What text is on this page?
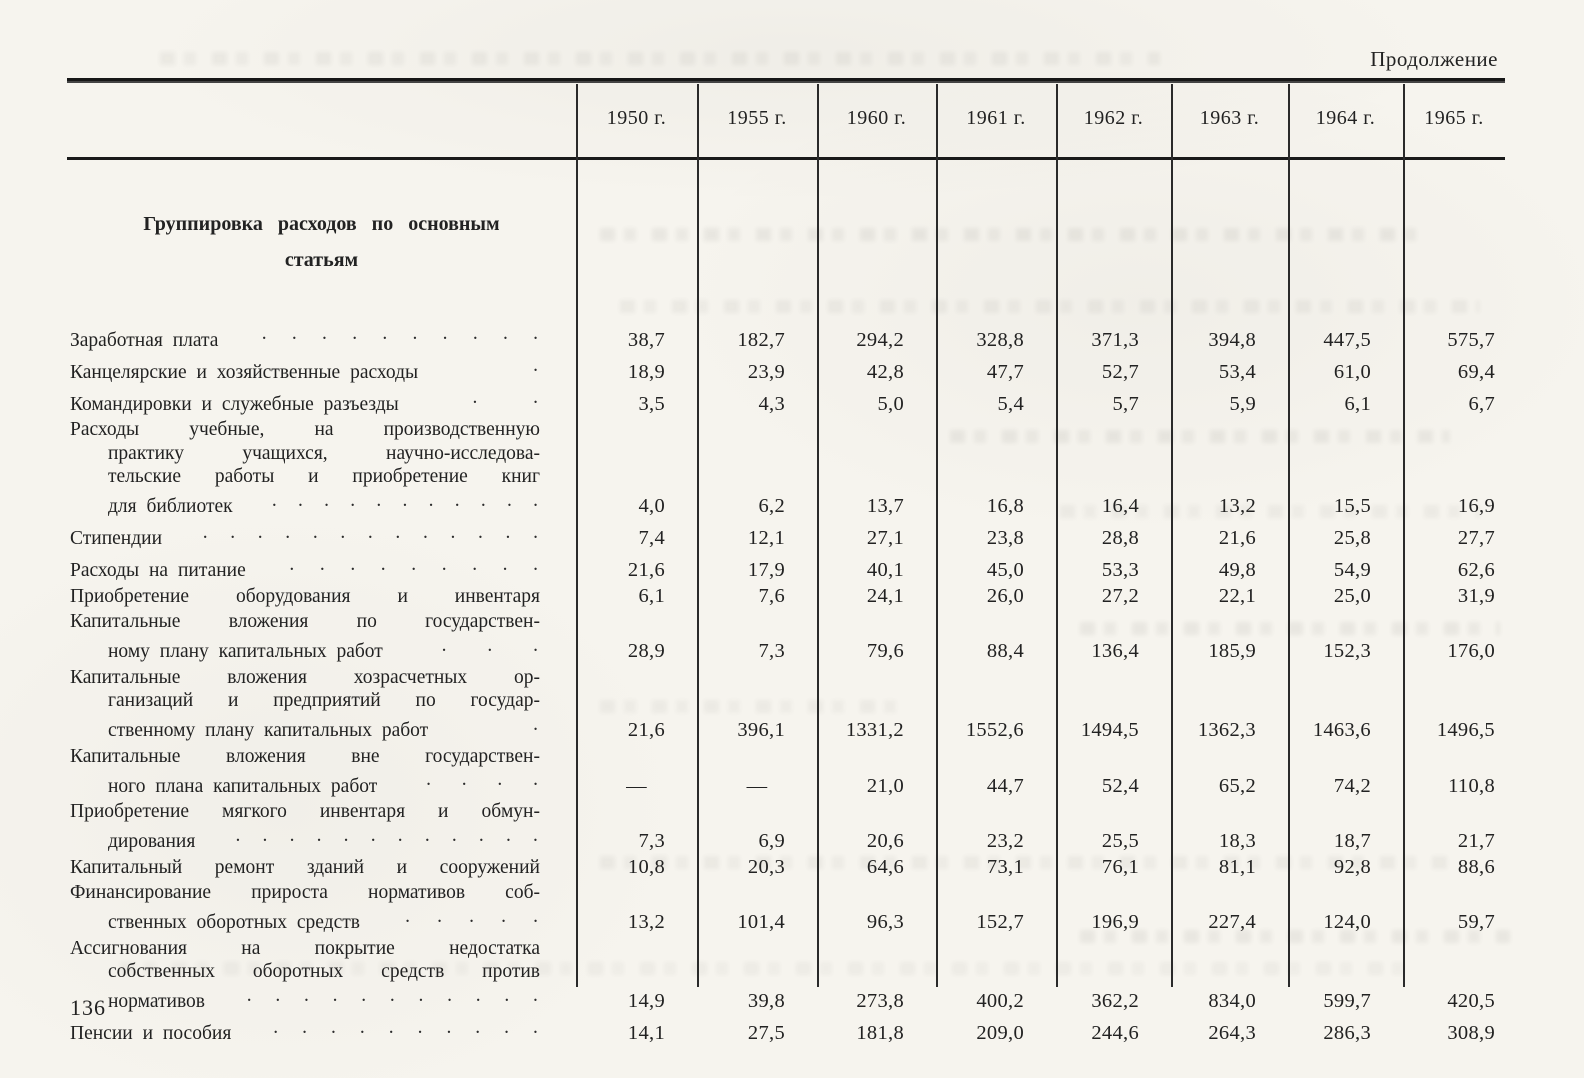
Продолжение
1950 г.	1955 г.	1960 г.	1961 г.	1962 г.	1963 г.	1964 г.	1965 г.
Группировка расходов по основным
статьям
Заработная плата . . . . . . . . . .	38,7	182,7	294,2	328,8	371,3	394,8	447,5	575,7
Канцелярские и хозяйственные расходы	.	18,9	23,9	42,8	47,7	52,7	53,4	61,0	69,4
Командировки и служебные разъезды	.	.	3,5	4,3	5,0	5,4	5,7	5,9	6,1	6,7
Расходы учебные, на производственную
практику учащихся, научно-исследова-
тельские работы и приобретение книг
для библиотек . . . . . . . . . . .	4,0	6,2	13,7	16,8	16,4	13,2	15,5	16,9
Стипендии . . . . . . . . . . . . .	7,4	12,1	27,1	23,8	28,8	21,6	25,8	27,7
Расходы на питание . . . . . . . . .	21,6	17,9	40,1	45,0	53,3	49,8	54,9	62,6
Приобретение оборудования и инвентаря	6,1	7,6	24,1	26,0	27,2	22,1	25,0	31,9
Капитальные вложения по государствен-
ному плану капитальных работ	. . .	28,9	7,3	79,6	88,4	136,4	185,9	152,3	176,0
Капитальные вложения хозрасчетных ор-
ганизаций и предприятий по государ-
ственному плану капитальных работ	.	21,6	396,1	1331,2	1552,6	1494,5	1362,3	1463,6	1496,5
Капитальные вложения вне государствен-
ного плана капитальных работ	. . . .	—	—	21,0	44,7	52,4	65,2	74,2	110,8
Приобретение мягкого инвентаря и обмун-
дирования . . . . . . . . . . . .	7,3	6,9	20,6	23,2	25,5	18,3	18,7	21,7
Капитальный ремонт зданий и сооружений	10,8	20,3	64,6	73,1	76,1	81,1	92,8	88,6
Финансирование прироста нормативов соб-
ственных оборотных средств . . . . .	13,2	101,4	96,3	152,7	196,9	227,4	124,0	59,7
Ассигнования на покрытие недостатка
собственных оборотных средств против
нормативов . . . . . . . . . . .	14,9	39,8	273,8	400,2	362,2	834,0	599,7	420,5
Пенсии и пособия . . . . . . . . . .	14,1	27,5	181,8	209,0	244,6	264,3	286,3	308,9
136
